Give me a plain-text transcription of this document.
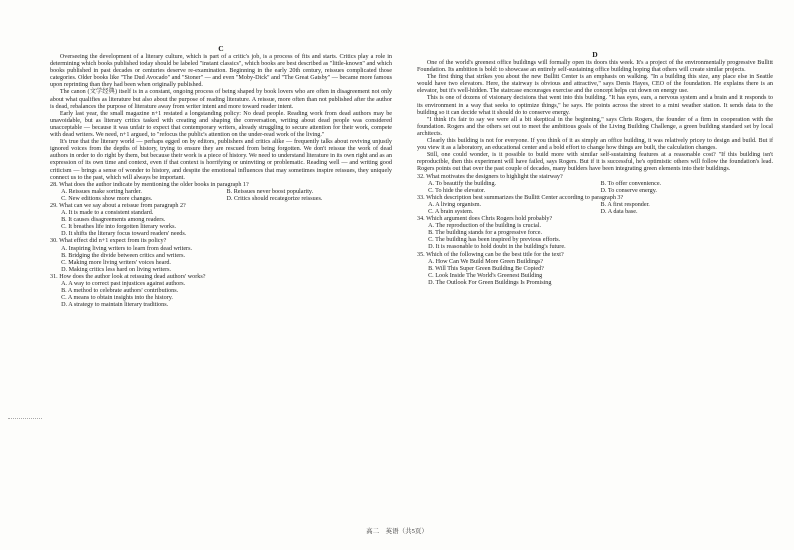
C

Overseeing the development of a literary culture, which is part of a critic's job, is a process of fits and starts. Critics play a role in determining which books published today should be labeled "instant classics", which books are best described as "little-known" and which books published in past decades or centuries deserve re-examination. Beginning in the early 20th century, reissues complicated those categories. Older books like "The Dud Avocado" and "Stoner" — and even "Moby-Dick" and "The Great Gatsby" — became more famous upon reprinting than they had been when originally published.

The canon (文学经典) itself is in a constant, ongoing process of being shaped by book lovers who are often in disagreement not only about what qualifies as literature but also about the purpose of reading literature. A reissue, more often than not published after the author is dead, rebalances the purpose of literature away from writer intent and more toward reader intent.

Early last year, the small magazine n+1 restated a longstanding policy: No dead people. Reading work from dead authors may be unavoidable, but as literary critics tasked with creating and shaping the conversation, writing about dead people was considered unacceptable — because it was unfair to expect that contemporary writers, already struggling to secure attention for their work, compete with dead writers. We need, n+1 argued, to "refocus the public's attention on the under-read work of the living."

It's true that the literary world — perhaps egged on by editors, publishers and critics alike — frequently talks about reviving unjustly ignored voices from the depths of history, trying to ensure they are rescued from being forgotten. We don't reissue the work of dead authors in order to do right by them, but because their work is a piece of history. We need to understand literature in its own right and as an expression of its own time and context, even if that context is horrifying or uninviting or problematic. Reading well — and writing good criticism — brings a sense of wonder to history, and despite the emotional influences that may sometimes inspire reissues, they uniquely connect us to the past, which will always be important.

28. What does the author indicate by mentioning the older books in paragraph 1?
A. Reissues make sorting harder.	B. Reissues never boost popularity.
C. New editions show more changes.	D. Critics should recategorize reissues.
29. What can we say about a reissue from paragraph 2?
A. It is made to a consistent standard.
B. It causes disagreements among readers.
C. It breathes life into forgotten literary works.
D. It shifts the literary focus toward readers' needs.
30. What effect did n+1 expect from its policy?
A. Inspiring living writers to learn from dead writers.
B. Bridging the divide between critics and writers.
C. Making more living writers' voices heard.
D. Making critics less hard on living writers.
31. How does the author look at reissuing dead authors' works?
A. A way to correct past injustices against authors.
B. A method to celebrate authors' contributions.
C. A means to obtain insights into the history.
D. A strategy to maintain literary traditions.
D

One of the world's greenest office buildings will formally open its doors this week. It's a project of the environmentally progressive Bullitt Foundation. Its ambition is bold: to showcase an entirely self-sustaining office building hoping that others will create similar projects.

The first thing that strikes you about the new Bullitt Center is an emphasis on walking. "In a building this size, any place else in Seattle would have two elevators. Here, the stairway is obvious and attractive," says Denis Hayes, CEO of the foundation. He explains there is an elevator, but it's well-hidden. The staircase encourages exercise and the concept helps cut down on energy use.

This is one of dozens of visionary decisions that went into this building. "It has eyes, ears, a nervous system and a brain and it responds to its environment in a way that seeks to optimize things," he says. He points across the street to a mini weather station. It sends data to the building so it can decide what it should do to conserve energy.

"I think it's fair to say we were all a bit skeptical in the beginning," says Chris Rogers, the founder of a firm in cooperation with the foundation. Rogers and the others set out to meet the ambitious goals of the Living Building Challenge, a green building standard set by local architects.

Clearly this building is not for everyone. If you think of it as simply an office building, it was relatively pricey to design and build. But if you view it as a laboratory, an educational center and a bold effort to change how things are built, the calculation changes.

Still, one could wonder, is it possible to build more with similar self-sustaining features at a reasonable cost? "If this building isn't reproducible, then this experiment will have failed, says Rogers. But if it is successful, he's optimistic others will follow the foundation's lead. Rogers points out that over the past couple of decades, many builders have been integrating green elements into their buildings.

32. What motivates the designers to highlight the stairway?
A. To beautify the building.	B. To offer convenience.
C. To hide the elevator.	D. To conserve energy.
33. Which description best summarizes the Bullitt Center according to paragraph 3?
A. A living organism.	B. A first responder.
C. A brain system.	D. A data base.
34. Which argument does Chris Rogers hold probably?
A. The reproduction of the building is crucial.
B. The building stands for a progressive force.
C. The building has been inspired by previous efforts.
D. It is reasonable to hold doubt in the building's future.
35. Which of the following can be the best title for the text?
A. How Can We Build More Green Buildings?
B. Will This Super Green Building Be Copied?
C. Look Inside The World's Greenest Building
D. The Outlook For Green Buildings Is Promising
高二　英语（共5页）
